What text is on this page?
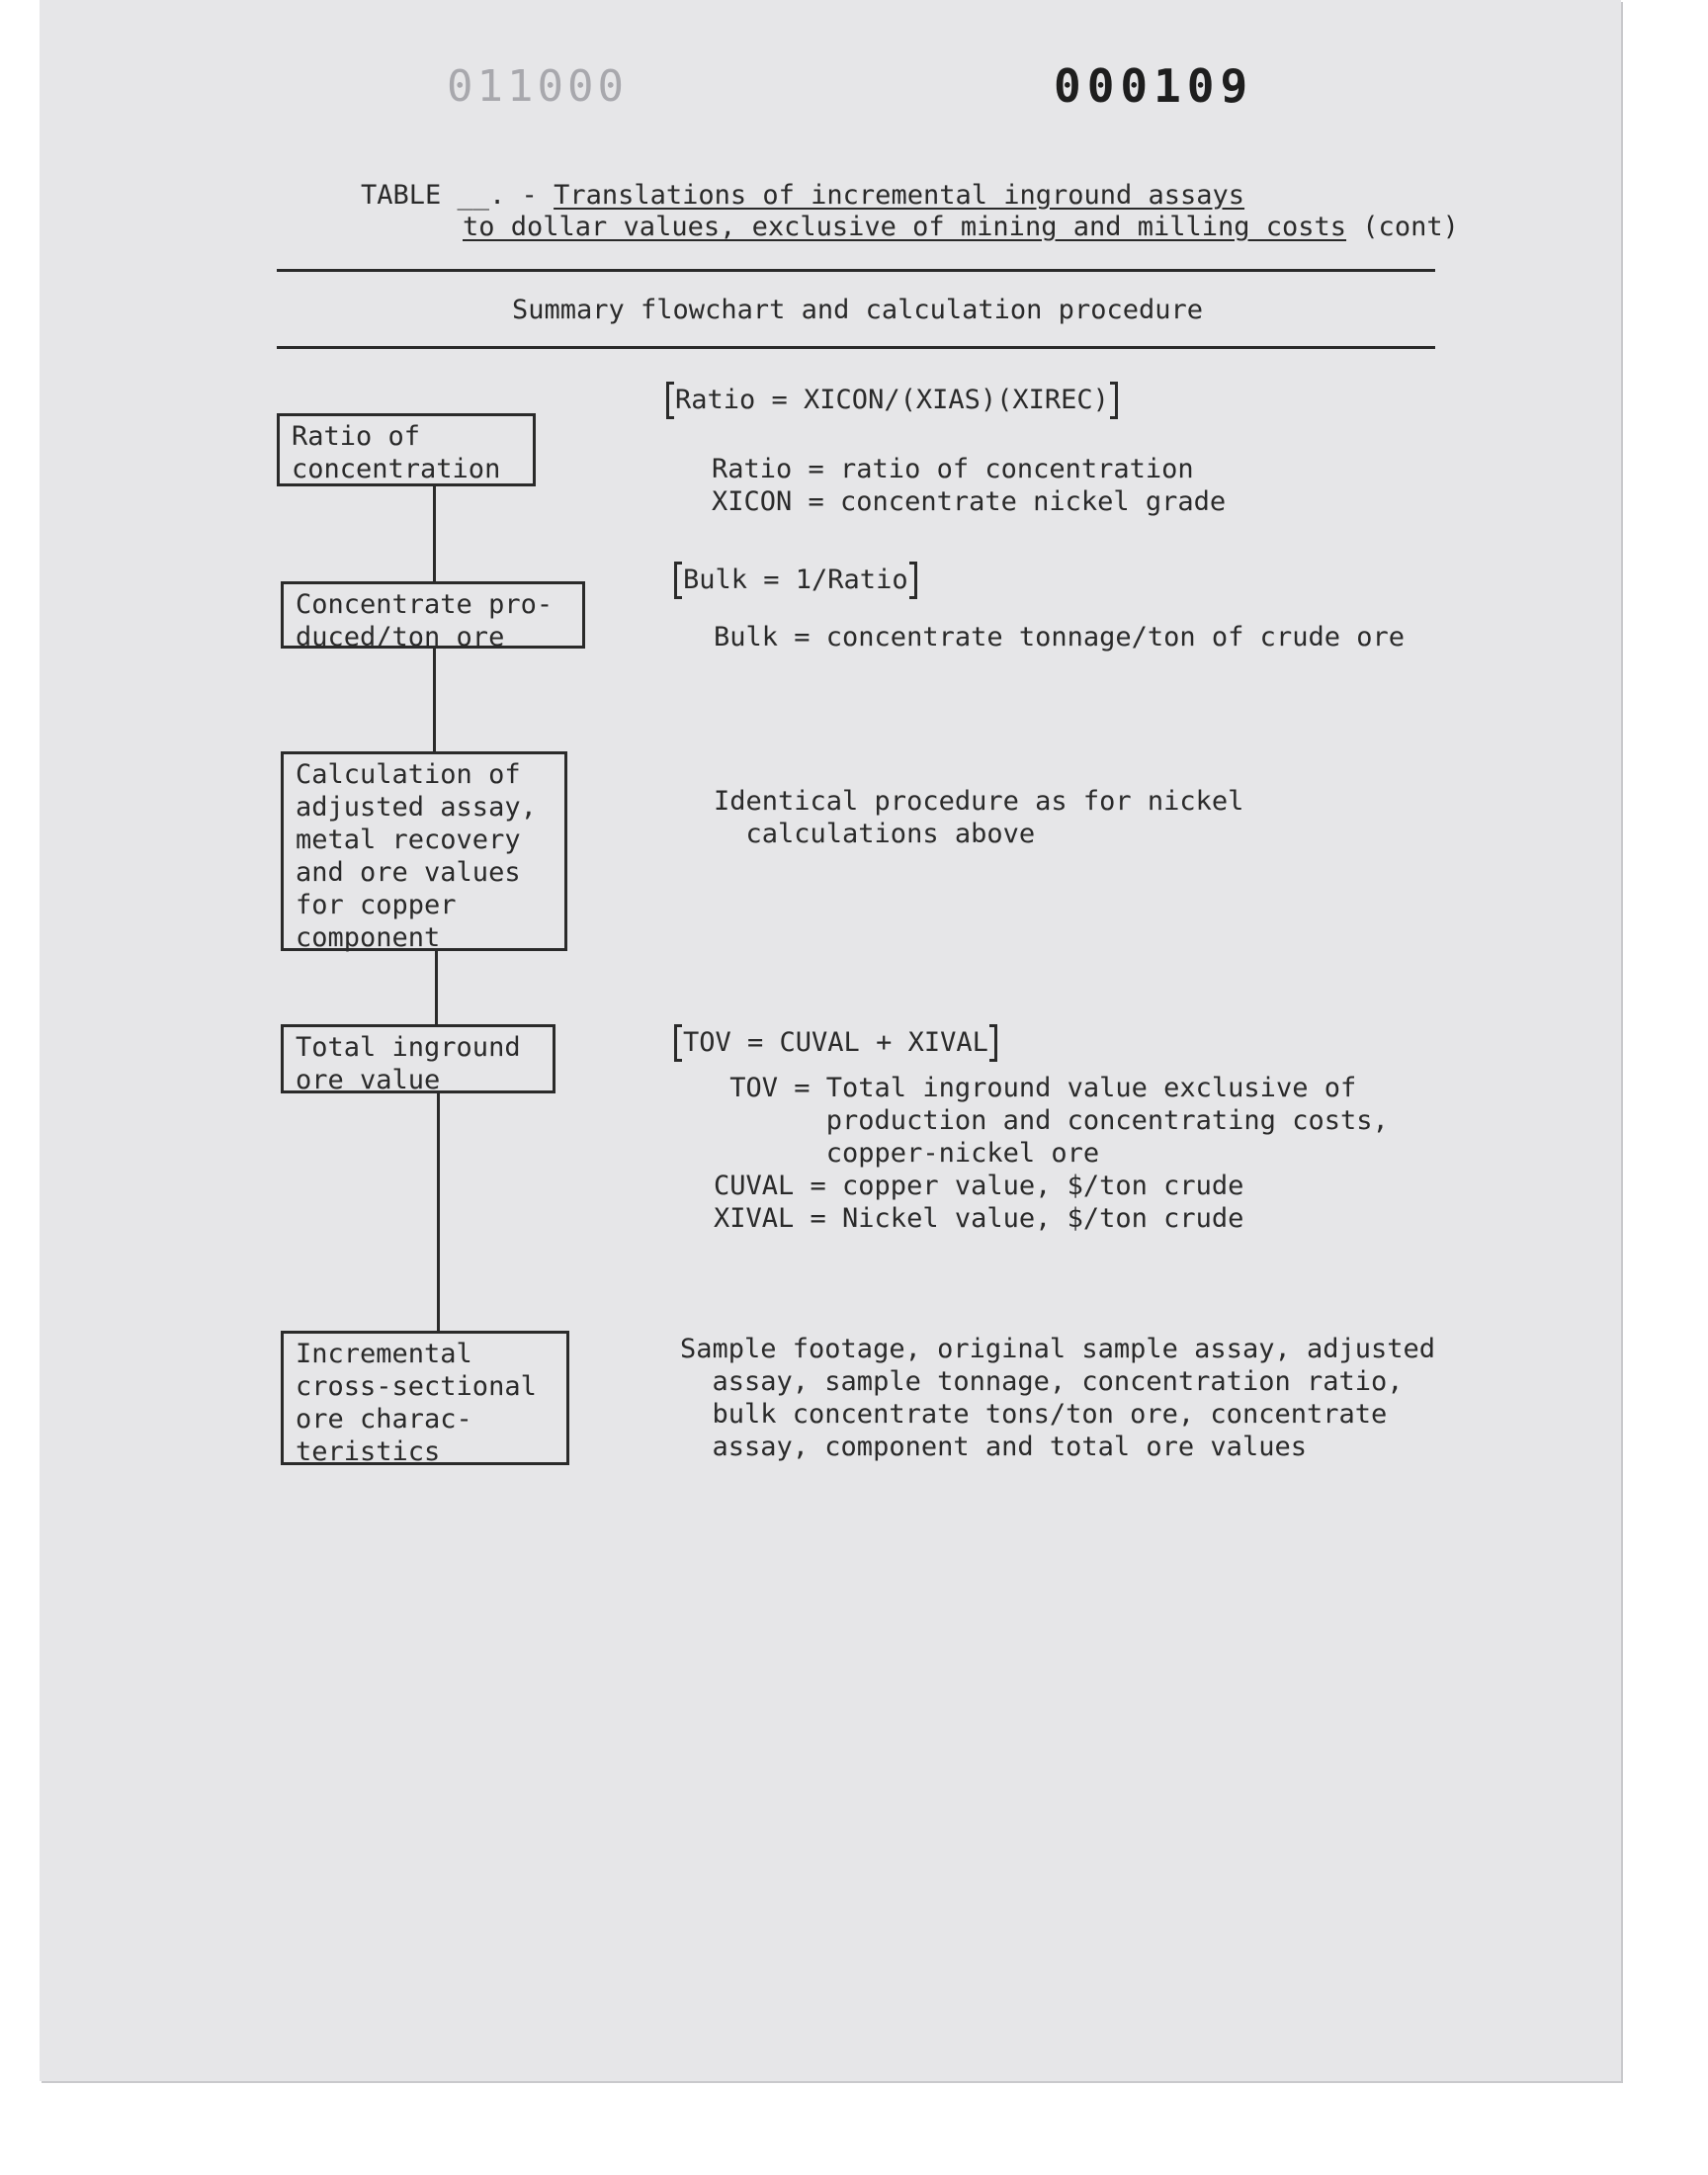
011000	000109
TABLE __. - Translations of incremental inground assays
to dollar values, exclusive of mining and milling costs (cont)
Summary flowchart and calculation procedure
Ratio of
concentration
Concentrate pro-
duced/ton ore
Calculation of
adjusted assay,
metal recovery
and ore values
for copper
component
Total inground
ore value
Incremental
cross-sectional
ore charac-
teristics
Ratio = XICON/(XIAS)(XIREC)
Ratio = ratio of concentration
XICON = concentrate nickel grade
Bulk = 1/Ratio
Bulk = concentrate tonnage/ton of crude ore
Identical procedure as for nickel
calculations above
TOV = CUVAL + XIVAL
TOV = Total inground value exclusive of
production and concentrating costs,
copper-nickel ore
CUVAL = copper value, $/ton crude
XIVAL = Nickel value, $/ton crude
Sample footage, original sample assay, adjusted
assay, sample tonnage, concentration ratio,
bulk concentrate tons/ton ore, concentrate
assay, component and total ore values
